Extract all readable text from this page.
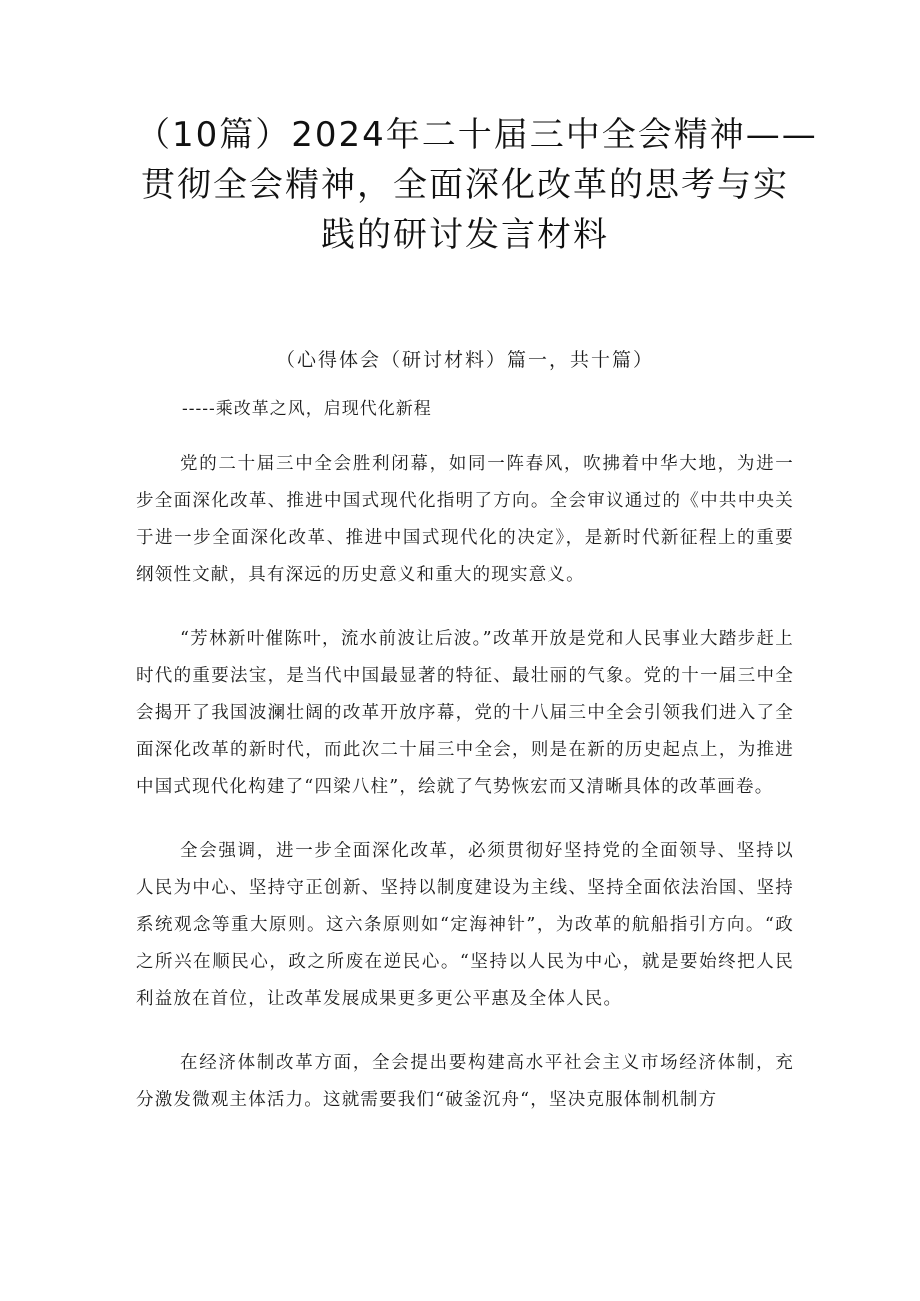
（10篇）2024年二十届三中全会精神——
贯彻全会精神，全面深化改革的思考与实
践的研讨发言材料
（心得体会（研讨材料）篇一，共十篇）
-----乘改革之风，启现代化新程

党的二十届三中全会胜利闭幕，如同一阵春风，吹拂着中华大地，为进一步全面深化改革、推进中国式现代化指明了方向。全会审议通过的《中共中央关于进一步全面深化改革、推进中国式现代化的决定》，是新时代新征程上的重要纲领性文献，具有深远的历史意义和重大的现实意义。

“芳林新叶催陈叶，流水前波让后波。”改革开放是党和人民事业大踏步赶上时代的重要法宝，是当代中国最显著的特征、最壮丽的气象。党的十一届三中全会揭开了我国波澜壮阔的改革开放序幕，党的十八届三中全会引领我们进入了全面深化改革的新时代，而此次二十届三中全会，则是在新的历史起点上，为推进中国式现代化构建了“四梁八柱”，绘就了气势恢宏而又清晰具体的改革画卷。

全会强调，进一步全面深化改革，必须贯彻好坚持党的全面领导、坚持以人民为中心、坚持守正创新、坚持以制度建设为主线、坚持全面依法治国、坚持系统观念等重大原则。这六条原则如“定海神针”，为改革的航船指引方向。“政之所兴在顺民心，政之所废在逆民心。“坚持以人民为中心，就是要始终把人民利益放在首位，让改革发展成果更多更公平惠及全体人民。

在经济体制改革方面，全会提出要构建高水平社会主义市场经济体制，充分激发微观主体活力。这就需要我们“破釜沉舟“，坚决克服体制机制方
